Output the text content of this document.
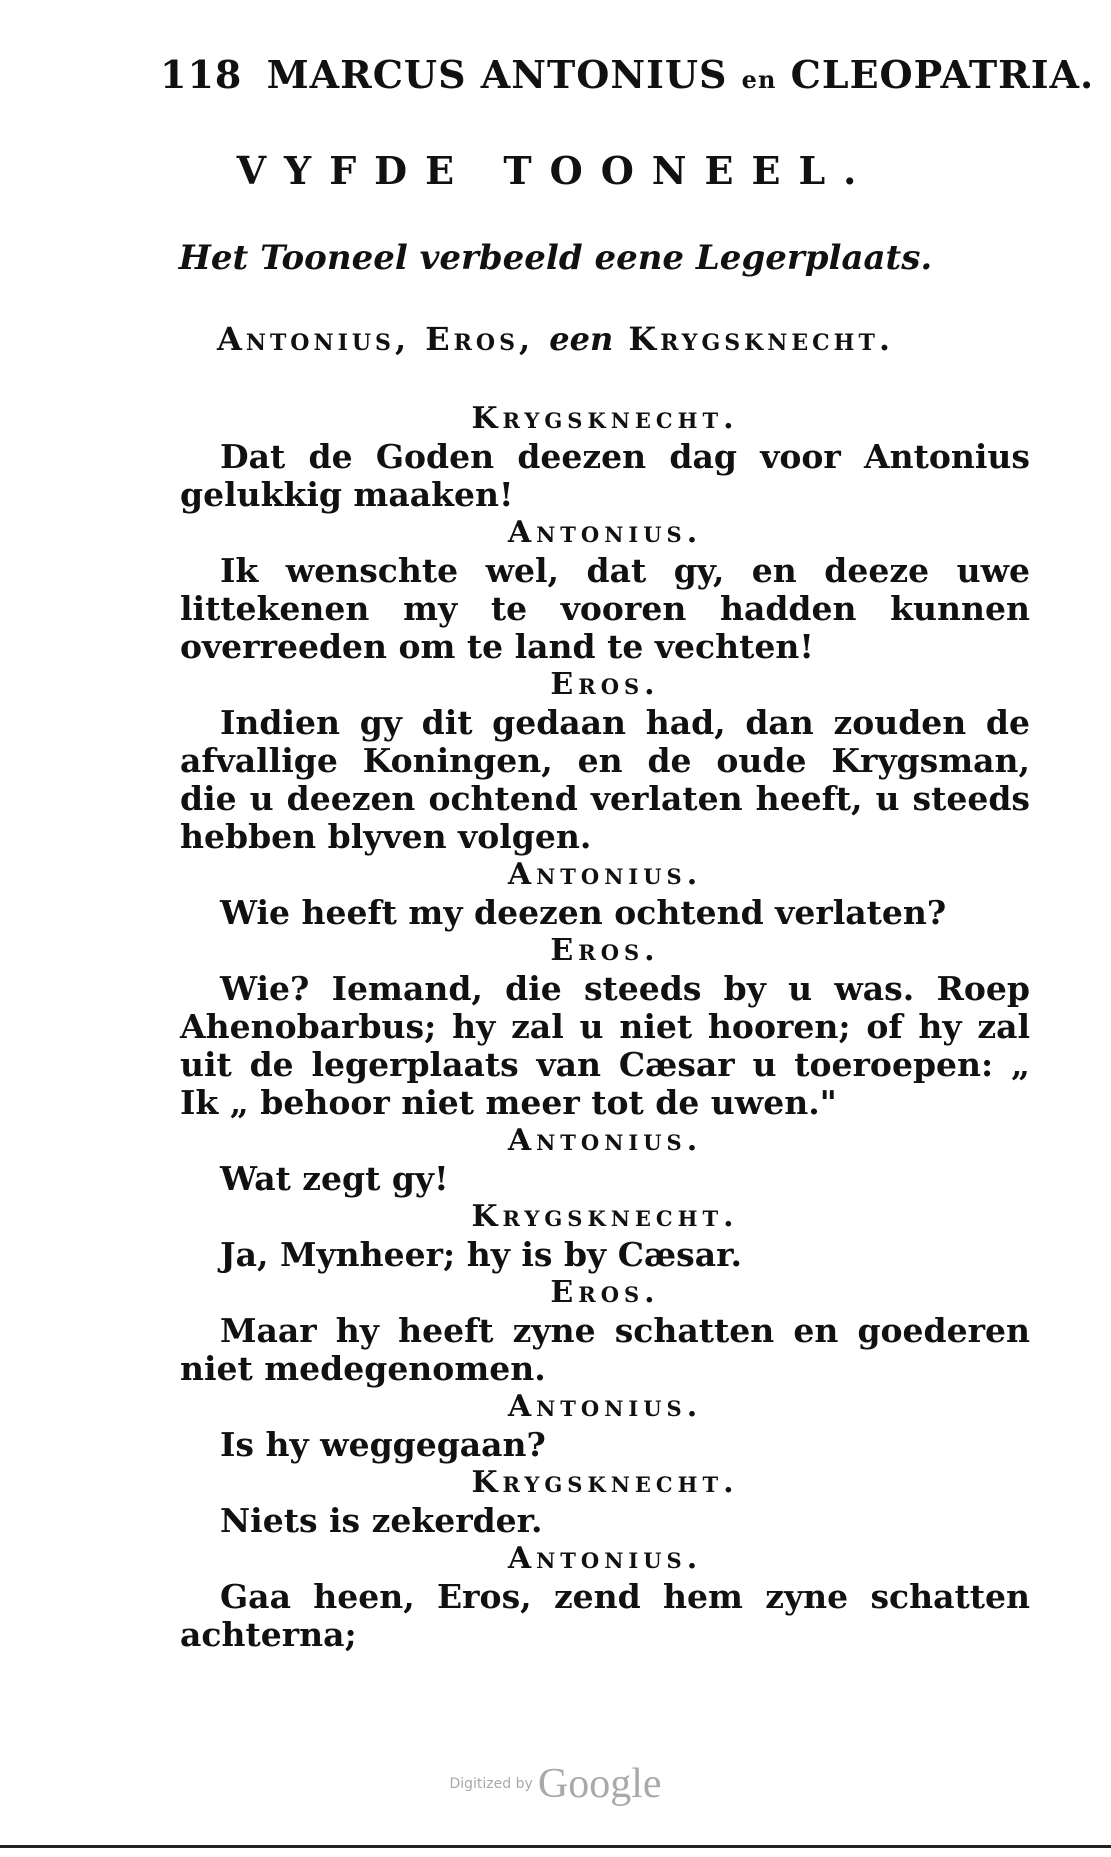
118 MARCUS ANTONIUS en CLEOPATRIA.
VYFDE TOONEEL.
Het Tooneel verbeeld eene Legerplaats.
Antonius, Eros, een Krygsknecht.

Krygsknecht.

Dat de Goden deezen dag voor Antonius gelukkig maaken!

Antonius.

Ik wenschte wel, dat gy, en deeze uwe littekenen my te vooren hadden kunnen overreeden om te land te vechten!

Eros.

Indien gy dit gedaan had, dan zouden de afvallige Koningen, en de oude Krygsman, die u deezen ochtend verlaten heeft, u steeds hebben blyven volgen.

Antonius.

Wie heeft my deezen ochtend verlaten?

Eros.

Wie? Iemand, die steeds by u was. Roep Ahenobarbus; hy zal u niet hooren; of hy zal uit de legerplaats van Cæsar u toeroepen: „ Ik „ behoor niet meer tot de uwen."

Antonius.

Wat zegt gy!

Krygsknecht.

Ja, Mynheer; hy is by Cæsar.

Eros.

Maar hy heeft zyne schatten en goederen niet medegenomen.

Antonius.

Is hy weggegaan?

Krygsknecht.

Niets is zekerder.

Antonius.

Gaa heen, Eros, zend hem zyne schatten achterna;

Digitized by Google
